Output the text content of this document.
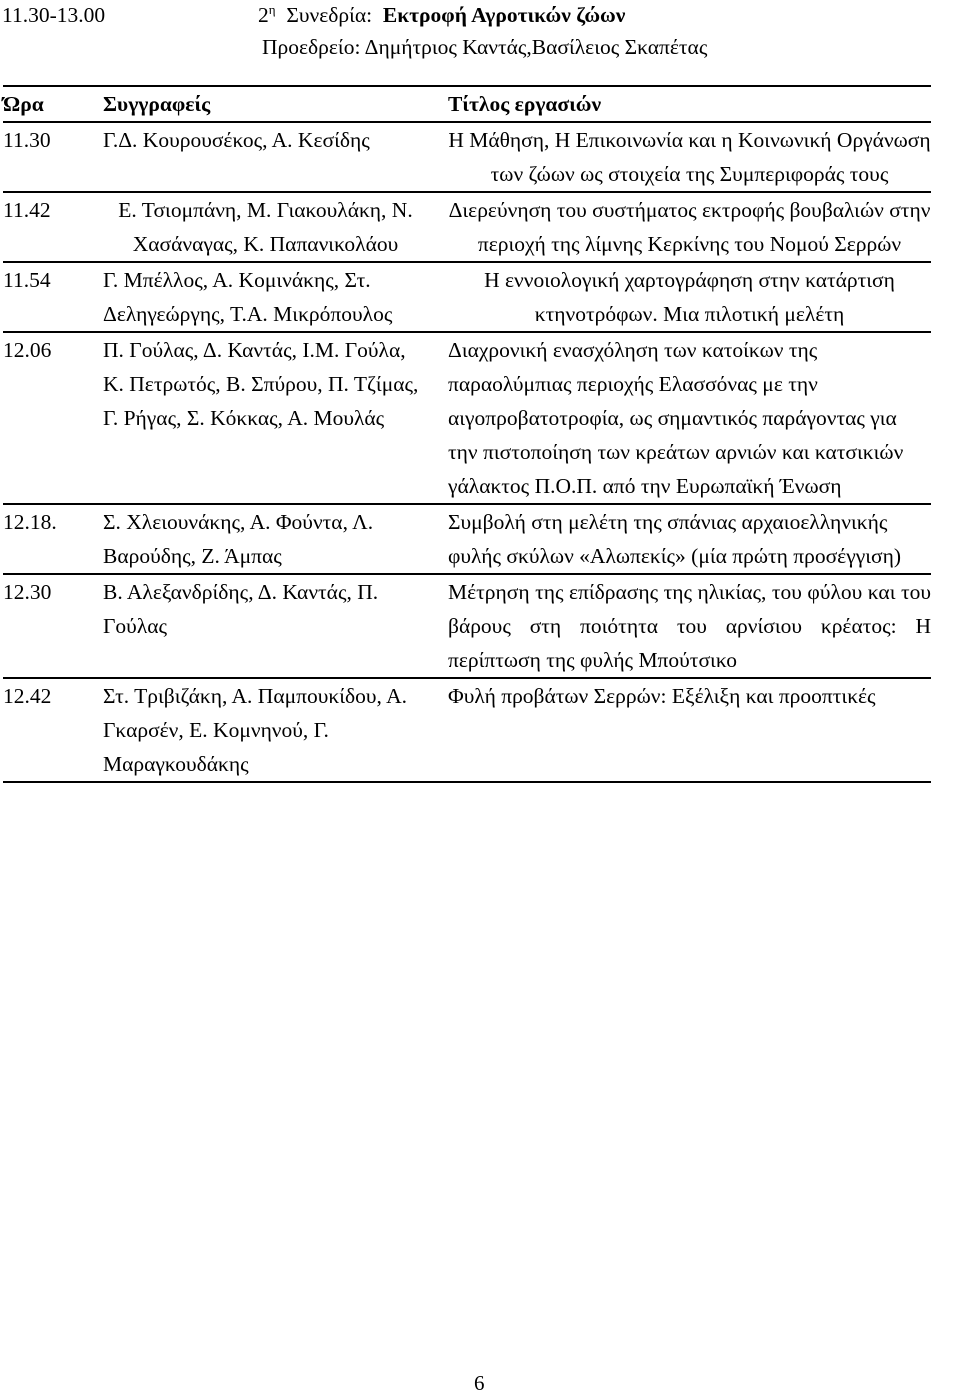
11.30-13.00	$2^\eta$ Συνεδρία: Εκτροφή Αγροτικών ζώων
Προεδρείο: Δημήτριος Καντάς,Βασίλειος Σκαπέτας
Ώρα	Συγγραφείς	Τίτλος εργασιών
11.30	Γ.Δ. Κουρουσέκος, Α. Κεσίδης	Η Μάθηση, Η Επικοινωνία και η Κοινωνική Οργάνωση των ζώων ως στοιχεία της Συμπεριφοράς τους
11.42	Ε. Τσιομπάνη, Μ. Γιακουλάκη, Ν. Χασάναγας, Κ. Παπανικολάου	Διερεύνηση του συστήματος εκτροφής βουβαλιών στην περιοχή της λίμνης Κερκίνης του Νομού Σερρών
11.54	Γ. Μπέλλος, Α. Κομινάκης, Στ. Δεληγεώργης, Τ.Α. Μικρόπουλος	Η εννοιολογική χαρτογράφηση στην κατάρτιση κτηνοτρόφων. Μια πιλοτική μελέτη
12.06	Π. Γούλας, Δ. Καντάς, Ι.Μ. Γούλα, Κ. Πετρωτός, Β. Σπύρου, Π. Τζίμας, Γ. Ρήγας, Σ. Κόκκας, Α. Μουλάς	Διαχρονική ενασχόληση των κατοίκων της παραολύμπιας περιοχής Ελασσόνας με την αιγοπροβατοτροφία, ως σημαντικός παράγοντας για την πιστοποίηση των κρεάτων αρνιών και κατσικιών γάλακτος Π.Ο.Π. από την Ευρωπαϊκή Ένωση
12.18.	Σ. Χλειουνάκης, Α. Φούντα, Λ. Βαρούδης, Ζ. Άμπας	Συμβολή στη μελέτη της σπάνιας αρχαιοελληνικής φυλής σκύλων «Αλωπεκίς» (μία πρώτη προσέγγιση)
12.30	Β. Αλεξανδρίδης, Δ. Καντάς, Π. Γούλας	Μέτρηση της επίδρασης της ηλικίας, του φύλου και του βάρους στη ποιότητα του αρνίσιου κρέατος: Η περίπτωση της φυλής Μπούτσικο
12.42	Στ. Τριβιζάκη, Α. Παμπουκίδου, Α. Γκαρσέν, Ε. Κομνηνού, Γ. Μαραγκουδάκης	Φυλή προβάτων Σερρών: Εξέλιξη και προοπτικές
6
